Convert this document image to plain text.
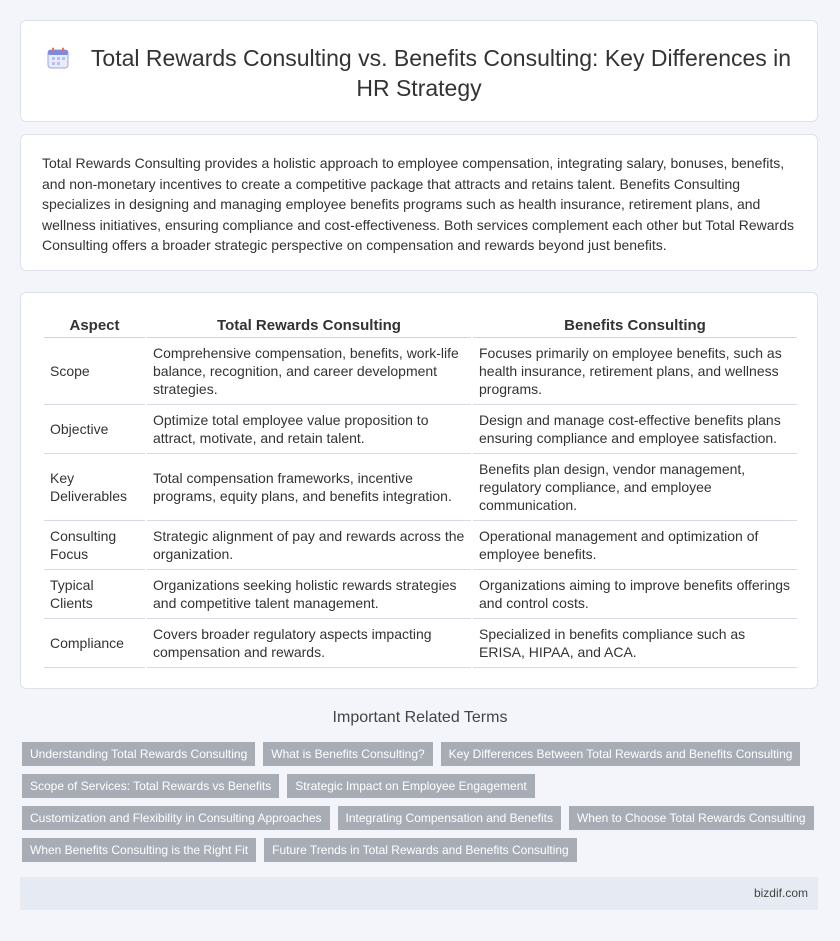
Total Rewards Consulting vs. Benefits Consulting: Key Differences in HR Strategy
Total Rewards Consulting provides a holistic approach to employee compensation, integrating salary, bonuses, benefits, and non-monetary incentives to create a competitive package that attracts and retains talent. Benefits Consulting specializes in designing and managing employee benefits programs such as health insurance, retirement plans, and wellness initiatives, ensuring compliance and cost-effectiveness. Both services complement each other but Total Rewards Consulting offers a broader strategic perspective on compensation and rewards beyond just benefits.
Aspect	Total Rewards Consulting	Benefits Consulting
Scope	Comprehensive compensation, benefits, work-life balance, recognition, and career development strategies.	Focuses primarily on employee benefits, such as health insurance, retirement plans, and wellness programs.
Objective	Optimize total employee value proposition to attract, motivate, and retain talent.	Design and manage cost-effective benefits plans ensuring compliance and employee satisfaction.
Key Deliverables	Total compensation frameworks, incentive programs, equity plans, and benefits integration.	Benefits plan design, vendor management, regulatory compliance, and employee communication.
Consulting Focus	Strategic alignment of pay and rewards across the organization.	Operational management and optimization of employee benefits.
Typical Clients	Organizations seeking holistic rewards strategies and competitive talent management.	Organizations aiming to improve benefits offerings and control costs.
Compliance	Covers broader regulatory aspects impacting compensation and rewards.	Specialized in benefits compliance such as ERISA, HIPAA, and ACA.
Important Related Terms
Understanding Total Rewards Consulting	What is Benefits Consulting?	Key Differences Between Total Rewards and Benefits Consulting
Scope of Services: Total Rewards vs Benefits	Strategic Impact on Employee Engagement
Customization and Flexibility in Consulting Approaches	Integrating Compensation and Benefits	When to Choose Total Rewards Consulting
When Benefits Consulting is the Right Fit	Future Trends in Total Rewards and Benefits Consulting
bizdif.com
